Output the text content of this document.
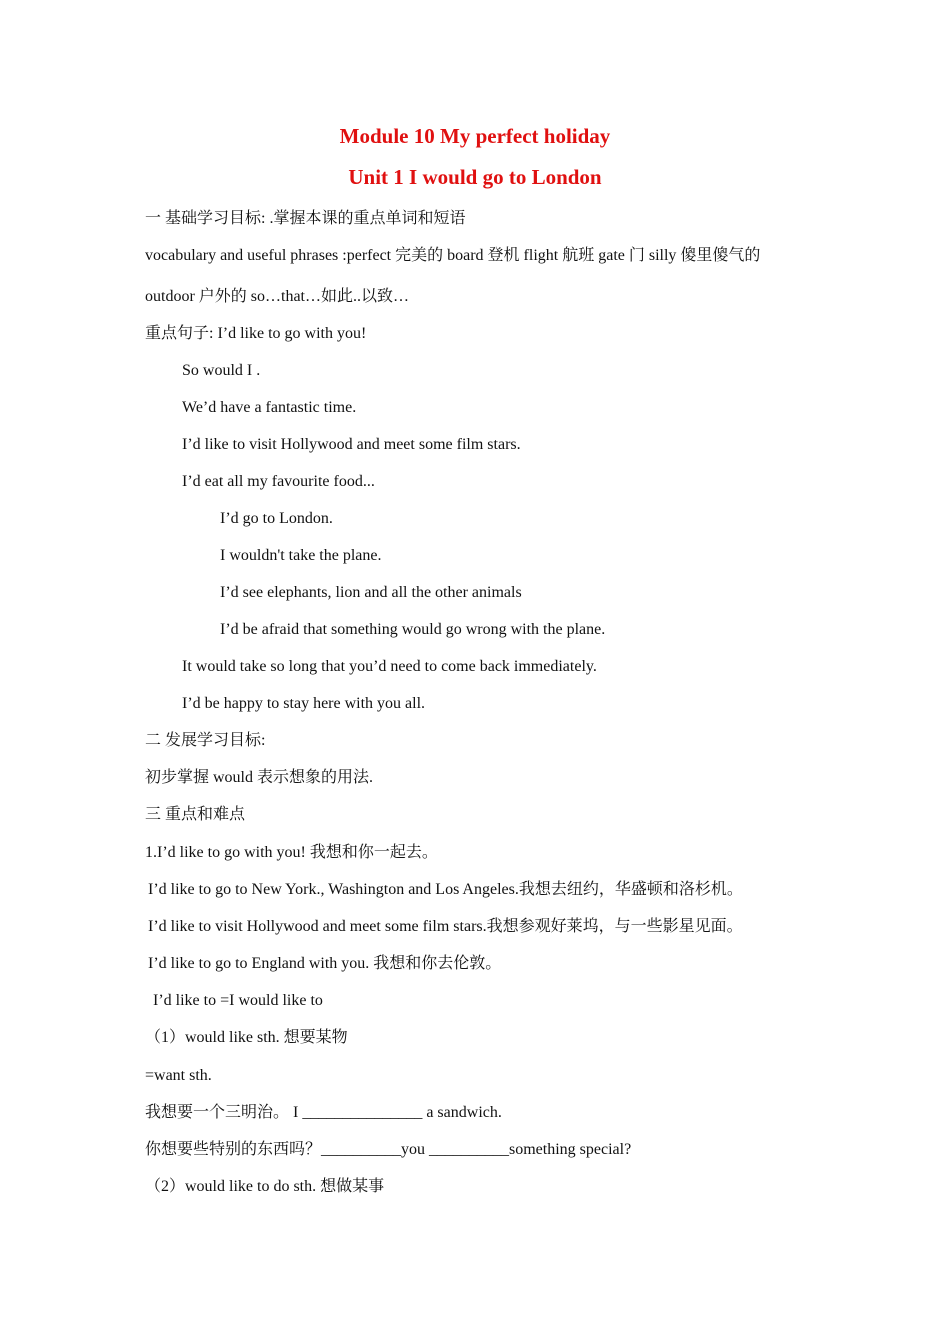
Module 10 My perfect holiday
Unit 1 I would go to London
一 基础学习目标: .掌握本课的重点单词和短语
vocabulary and useful phrases :perfect 完美的 board 登机 flight 航班 gate 门 silly 傻里傻气的
outdoor 户外的 so…that…如此..以致…
重点句子: I’d like to go with you!
So would I .
We’d have a fantastic time.
I’d like to visit Hollywood and meet some film stars.
I’d eat all my favourite food...
I’d go to London.
I wouldn't take the plane.
I’d see elephants, lion and all the other animals
I’d be afraid that something would go wrong with the plane.
It would take so long that you’d need to come back immediately.
I’d be happy to stay here with you all.
二 发展学习目标:
初步掌握 would 表示想象的用法.
三 重点和难点
1.I’d like to go with you! 我想和你一起去。
I’d like to go to New York., Washington and Los Angeles.我想去纽约，华盛顿和洛杉机。
I’d like to visit Hollywood and meet some film stars.我想参观好莱坞，与一些影星见面。
I’d like to go to England with you. 我想和你去伦敦。
I’d like to =I would like to
（1）would like sth. 想要某物
=want sth.
我想要一个三明治。 I _______________ a sandwich.
你想要些特别的东西吗？__________you __________something special?
（2）would like to do sth. 想做某事
